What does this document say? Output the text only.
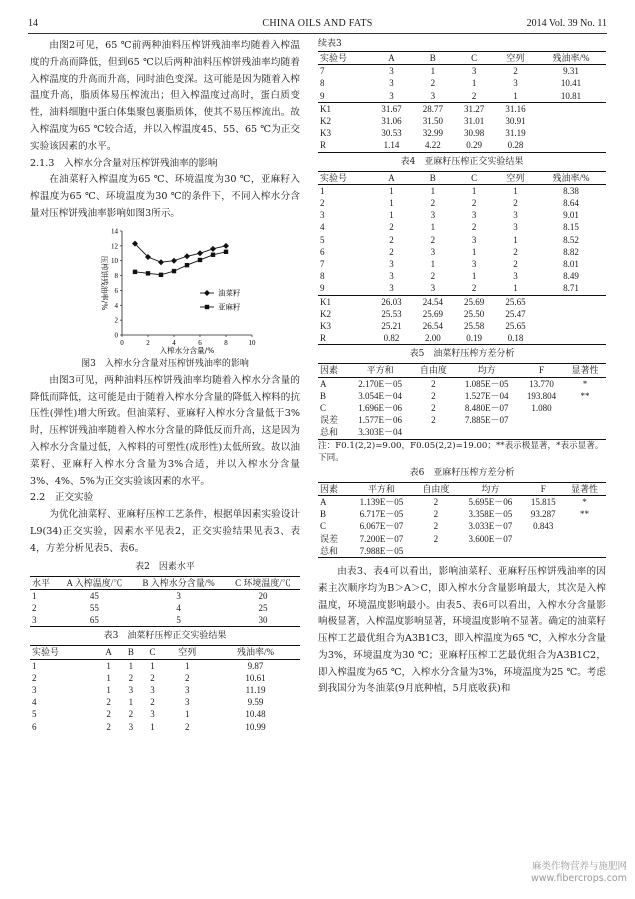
14	CHINA OILS AND FATS	2014 Vol. 39 No. 11

由图2可见，65 ℃前两种油料压榨饼残油率均随着入榨温度的升高而降低，但到65 ℃以后两种油料压榨饼残油率均随着入榨温度的升高而升高，同时油色变深。这可能是因为随着入榨温度升高，脂质体易压榨流出；但入榨温度过高时，蛋白质变性，油料细胞中蛋白体集聚包裹脂质体，使其不易压榨流出。故入榨温度为65 ℃较合适，并以入榨温度45、55、65 ℃为正交实验该因素的水平。

2.1.3　入榨水分含量对压榨饼残油率的影响

在油菜籽入榨温度为65 ℃、环境温度为30 ℃，亚麻籽入榨温度为65 ℃、环境温度为30 ℃的条件下，不同入榨水分含量对压榨饼残油率影响如图3所示。

0	2	4	6	8	10
0
2
4
6
8
10
12
14
入榨水分含量/%
压榨饼残油率/%	油菜籽
亚麻籽
图3　入榨水分含量对压榨饼残油率的影响

由图3可见，两种油料压榨饼残油率均随着入榨水分含量的降低而降低，这可能是由于随着入榨水分含量的降低入榨料的抗压性(弹性)增大所致。但油菜籽、亚麻籽入榨水分含量低于3%时，压榨饼残油率随着入榨水分含量的降低反而升高，这是因为入榨水分含量过低，入榨料的可塑性(成形性)太低所致。故以油菜籽、亚麻籽入榨水分含量为3%合适，并以入榨水分含量3%、4%、5%为正交实验该因素的水平。

2.2　正交实验

为优化油菜籽、亚麻籽压榨工艺条件，根据单因素实验设计L9(34)正交实验，因素水平见表2，正交实验结果见表3、表4，方差分析见表5、表6。

表2　因素水平
水平	A 入榨温度/℃	B 入榨水分含量/%	C 环境温度/℃
1	45	3	20
2	55	4	25
3	65	5	30
表3　油菜籽压榨正交实验结果
实验号	A	B	C	空列	残油率/%
1	1	1	1	1	9.87
2	1	2	2	2	10.61
3	1	3	3	3	11.19
4	2	1	2	3	9.59
5	2	2	3	1	10.48
6	2	3	1	2	10.99
续表3
实验号	A	B	C	空列	残油率/%
7	3	1	3	2	9.31
8	3	2	1	3	10.41
9	3	3	2	1	10.81
K1	31.67	28.77	31.27	31.16	
K2	31.06	31.50	31.01	30.91	
K3	30.53	32.99	30.98	31.19	
R	1.14	4.22	0.29	0.28	
表4　亚麻籽压榨正交实验结果
实验号	A	B	C	空列	残油率/%
1	1	1	1	1	8.38
2	1	2	2	2	8.64
3	1	3	3	3	9.01
4	2	1	2	3	8.15
5	2	2	3	1	8.52
6	2	3	1	2	8.82
7	3	1	3	2	8.01
8	3	2	1	3	8.49
9	3	3	2	1	8.71
K1	26.03	24.54	25.69	25.65	
K2	25.53	25.69	25.50	25.47	
K3	25.21	26.54	25.58	25.65	
R	0.82	2.00	0.19	0.18	
表5　油菜籽压榨方差分析
因素	平方和	自由度	均方	F	显著性
A	2.170E－05	2	1.085E－05	13.770	*
B	3.054E－04	2	1.527E－04	193.804	**
C	1.696E－06	2	8.480E－07	1.080	
误差	1.577E－06	2	7.885E－07		
总和	3.303E－04				
注：F0.1(2,2)=9.00，F0.05(2,2)=19.00；**表示极显著，*表示显著。下同。
表6　亚麻籽压榨方差分析
因素	平方和	自由度	均方	F	显著性
A	1.139E－05	2	5.695E－06	15.815	*
B	6.717E－05	2	3.358E－05	93.287	**
C	6.067E－07	2	3.033E－07	0.843	
误差	7.200E－07	2	3.600E－07		
总和	7.988E－05				

由表3、表4可以看出，影响油菜籽、亚麻籽压榨饼残油率的因素主次顺序均为B＞A＞C，即入榨水分含量影响最大，其次是入榨温度，环境温度影响最小。由表5、表6可以看出，入榨水分含量影响极显著，入榨温度影响显著，环境温度影响不显著。确定的油菜籽压榨工艺最优组合为A3B1C3，即入榨温度为65 ℃，入榨水分含量为3%，环境温度为30 ℃；亚麻籽压榨工艺最优组合为A3B1C2，即入榨温度为65 ℃，入榨水分含量为3%，环境温度为25 ℃。考虑到我国分为冬油菜(9月底种植，5月底收获)和

麻类作物营养与施肥网
www.fibercrops.com
